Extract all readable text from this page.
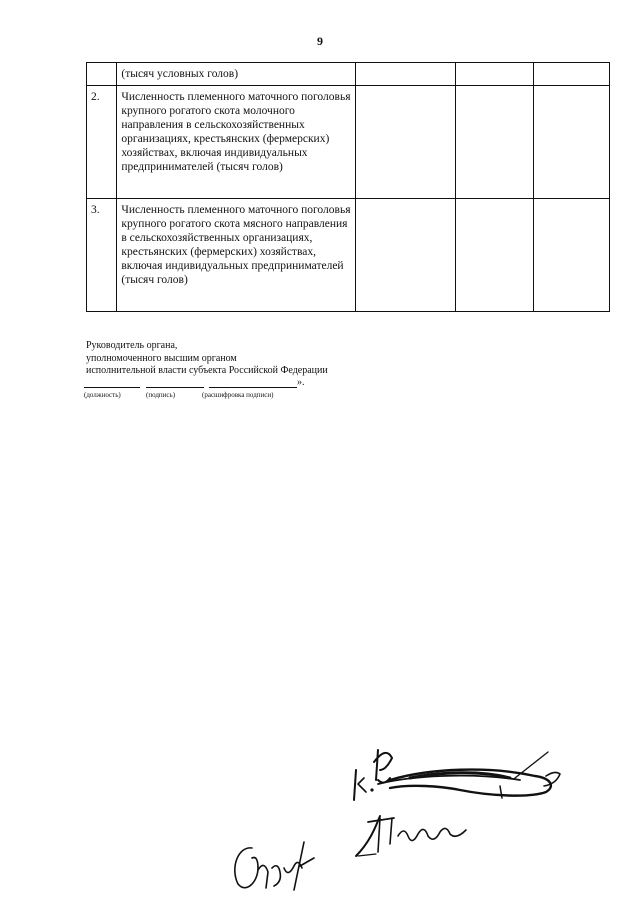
9
	(тысяч условных голов)			
2.	Численность племенного маточного поголовья крупного рогатого скота молочного направления в сельскохозяйственных организациях, крестьянских (фермерских) хозяйствах, включая индивидуальных предпринимателей (тысяч голов)			
3.	Численность племенного маточного поголовья крупного рогатого скота мясного направления в сельскохозяйственных организациях, крестьянских (фермерских) хозяйствах, включая индивидуальных предпринимателей (тысяч голов)			
Руководитель органа,
уполномоченного высшим органом
исполнительной власти субъекта Российской Федерации
».
(должность)	(подпись)	(расшифровка подписи)
